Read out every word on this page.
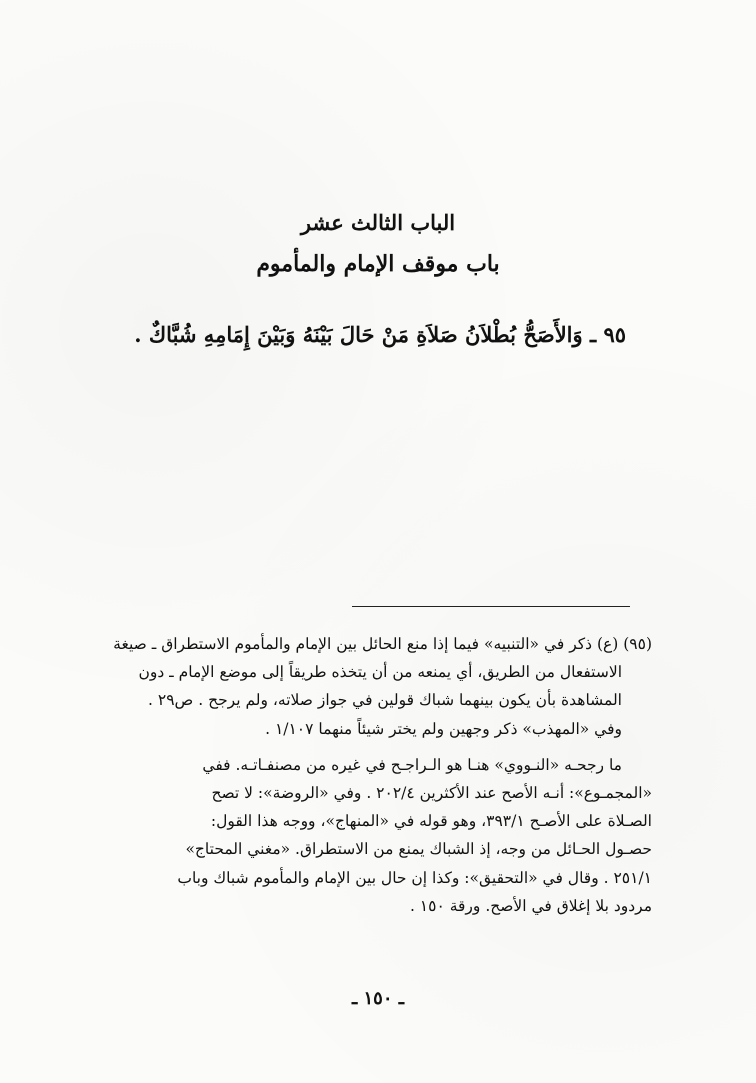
الباب الثالث عشر
باب موقف الإمام والمأموم
٩٥ ـ وَالأَصَحُّ بُطْلاَنُ صَلاَةِ مَنْ حَالَ بَيْنَهُ وَبَيْنَ إِمَامِهِ شُبَّاكٌ .
(٩٥) (ع) ذكر في «التنبيه» فيما إذا منع الحائل بين الإمام والمأموم الاستطراق ـ صيغة
الاستفعال من الطريق، أي يمنعه من أن يتخذه طريقاً إلى موضع الإمام ـ دون
المشاهدة بأن يكون بينهما شباك قولين في جواز صلاته، ولم يرجح . ص٢٩ .
وفي «المهذب» ذكر وجهين ولم يختر شيئاً منهما ١/١٠٧ .
ما رجحـه «النـووي» هنـا هو الـراجـح في غيره من مصنفـاتـه. ففي
«المجمـوع»: أنـه الأصح عند الأكثرين ٢٠٢/٤ . وفي «الروضة»: لا تصح
الصـلاة على الأصـح ٣٩٣/١، وهو قوله في «المنهاج»، ووجه هذا القول:
حصـول الحـائل من وجه، إذ الشباك يمنع من الاستطراق. «مغني المحتاج»
٢٥١/١ . وقال في «التحقيق»: وكذا إن حال بين الإمام والمأموم شباك وباب
مردود بلا إغلاق في الأصح. ورقة ١٥٠ .
ـ ١٥٠ ـ
